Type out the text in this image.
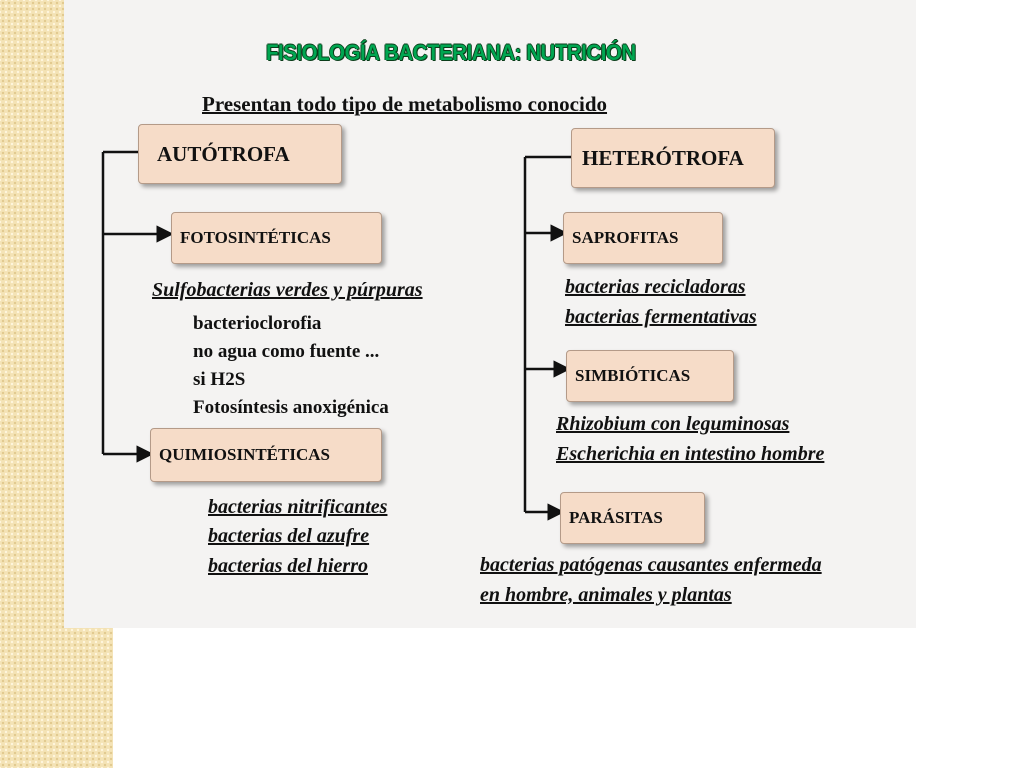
FISIOLOGÍA BACTERIANA: NUTRICIÓN
Presentan todo tipo de metabolismo conocido
AUTÓTROFA
FOTOSINTÉTICAS
Sulfobacterias verdes y púrpuras
bacterioclorofia
no agua como fuente ...
si H2S
Fotosíntesis anoxigénica
QUIMIOSINTÉTICAS
bacterias nitrificantes
bacterias del azufre
bacterias del hierro
HETERÓTROFA
SAPROFITAS
bacterias recicladoras
bacterias fermentativas
SIMBIÓTICAS
Rhizobium con leguminosas
Escherichia en intestino hombre
PARÁSITAS
bacterias patógenas causantes enfermeda
en hombre, animales y plantas
